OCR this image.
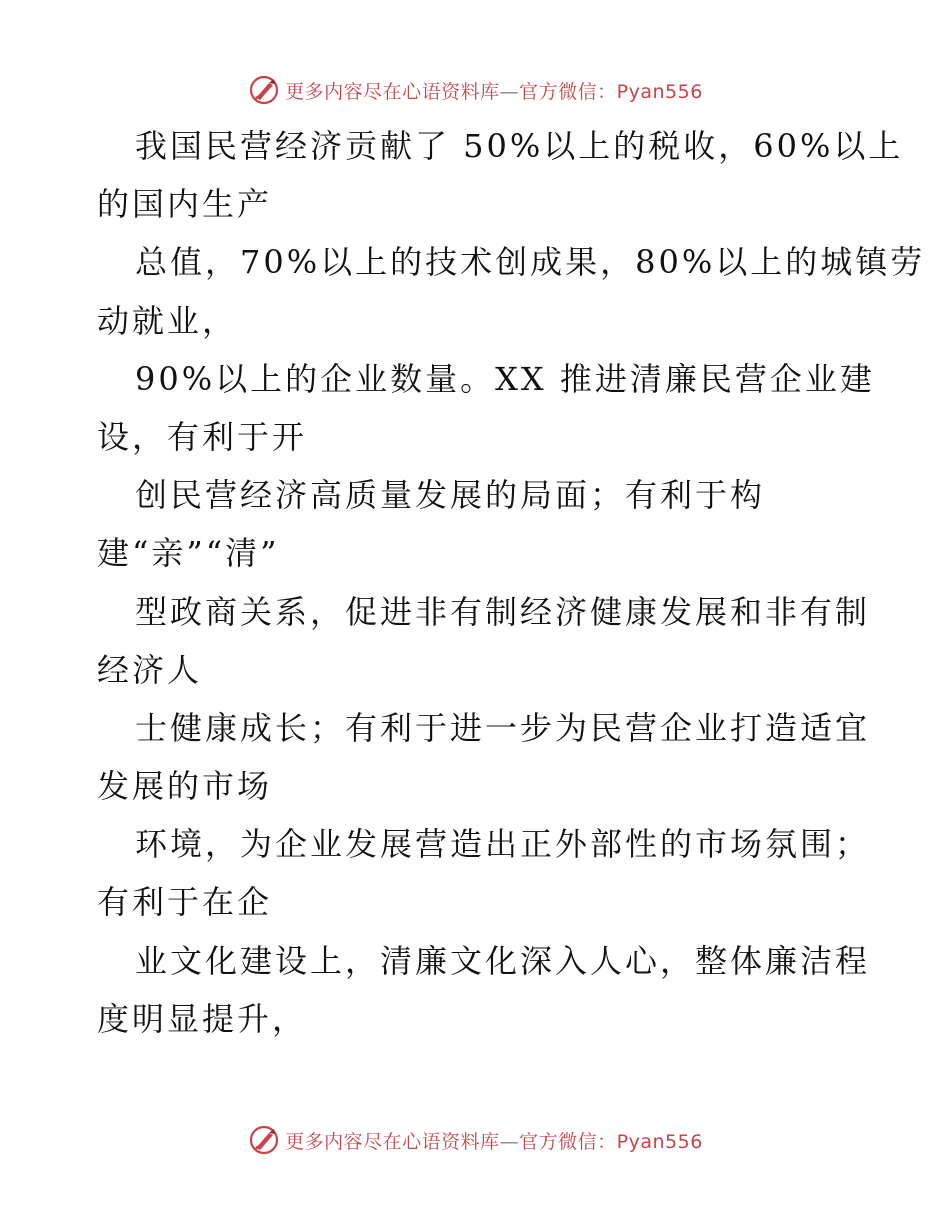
更多内容尽在心语资料库—官方微信：Pyan556
我国民营经济贡献了 50%以上的税收，60%以上
的国内生产
总值，70%以上的技术创成果，80%以上的城镇劳
动就业，
90%以上的企业数量。XX 推进清廉民营企业建
设，有利于开
创民营经济高质量发展的局面；有利于构
建“亲”“清”
型政商关系，促进非有制经济健康发展和非有制
经济人
士健康成长；有利于进一步为民营企业打造适宜
发展的市场
环境，为企业发展营造出正外部性的市场氛围；
有利于在企
业文化建设上，清廉文化深入人心，整体廉洁程
度明显提升，
更多内容尽在心语资料库—官方微信：Pyan556
